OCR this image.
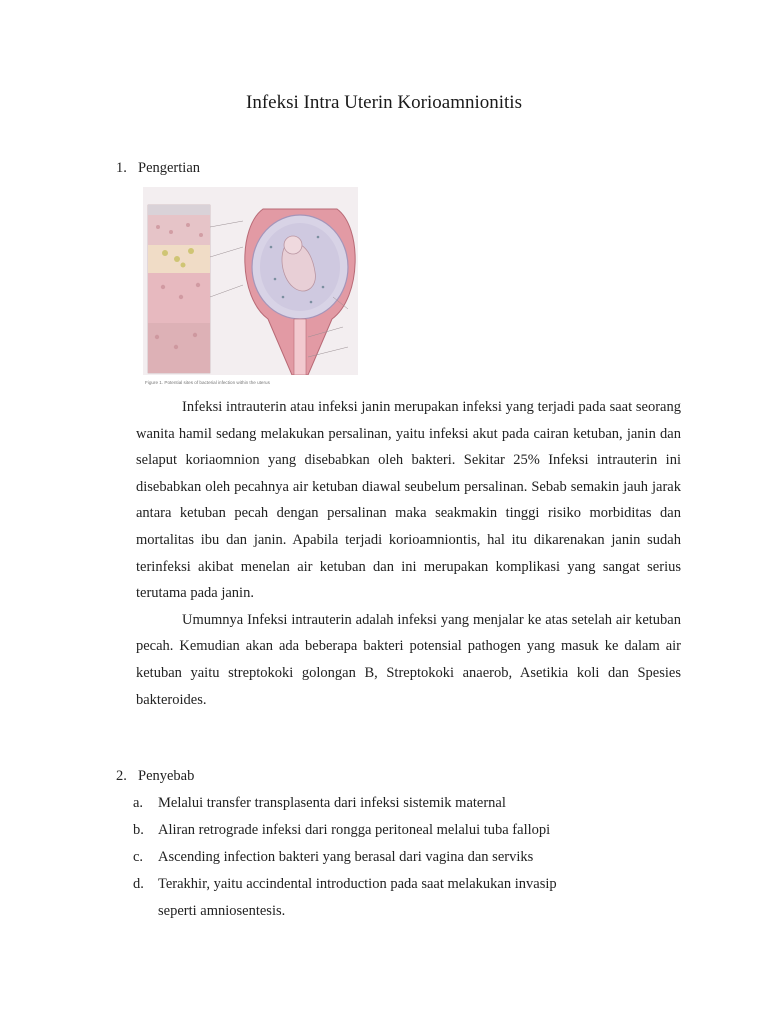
Infeksi Intra Uterin Korioamnionitis
1. Pengertian
Figure 1. Potential sites of bacterial infection within the uterus

Infeksi intrauterin atau infeksi janin merupakan infeksi yang terjadi pada saat seorang wanita hamil sedang melakukan persalinan, yaitu infeksi akut pada cairan ketuban, janin dan selaput koriaomnion yang disebabkan oleh bakteri. Sekitar 25% Infeksi intrauterin ini disebabkan oleh pecahnya air ketuban diawal seubelum persalinan. Sebab semakin jauh jarak antara ketuban pecah dengan persalinan maka seakmakin tinggi risiko morbiditas dan mortalitas ibu dan janin. Apabila terjadi korioamniontis, hal itu dikarenakan janin sudah terinfeksi akibat menelan air ketuban dan ini merupakan komplikasi yang sangat serius terutama pada janin.

Umumnya Infeksi intrauterin adalah infeksi yang menjalar ke atas setelah air ketuban pecah. Kemudian akan ada beberapa bakteri potensial pathogen yang masuk ke dalam air ketuban yaitu streptokoki golongan B, Streptokoki anaerob, Asetikia koli dan Spesies bakteroides.

2. Penyebab
a. Melalui transfer transplasenta dari infeksi sistemik maternal
b. Aliran retrograde infeksi dari rongga peritoneal melalui tuba fallopi
c. Ascending infection bakteri yang berasal dari vagina dan serviks
d. Terakhir, yaitu accindental introduction pada saat melakukan invasip
seperti amniosentesis.
